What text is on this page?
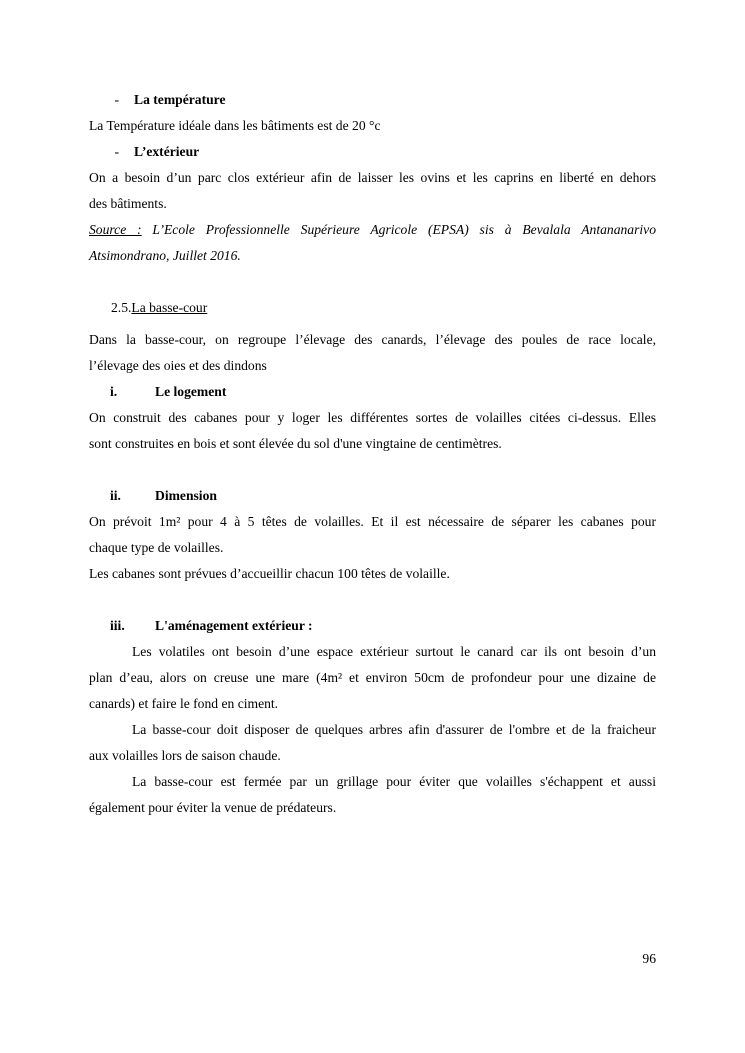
- La température

La Température idéale dans les bâtiments est de 20 °c

- L’extérieur

On a besoin d’un parc clos extérieur afin de laisser les ovins et les caprins en liberté en dehors

des bâtiments.

Source : L’Ecole Professionnelle Supérieure Agricole (EPSA) sis à Bevalala Antananarivo

Atsimondrano, Juillet 2016.

2.5.La basse-cour

Dans la basse-cour, on regroupe l’élevage des canards, l’élevage des poules de race locale,

l’élevage des oies et des dindons

i.	Le logement

On construit des cabanes pour y loger les différentes sortes de volailles citées ci-dessus. Elles

sont construites en bois et sont élevée du sol d'une vingtaine de centimètres.

ii.	Dimension

On prévoit 1m² pour 4 à 5 têtes de volailles. Et il est nécessaire de séparer les cabanes pour

chaque type de volailles.

Les cabanes sont prévues d’accueillir chacun 100 têtes de volaille.

iii. L'aménagement extérieur :

Les volatiles ont besoin d’une espace extérieur surtout le canard car ils ont besoin d’un

plan d’eau, alors on creuse une mare (4m² et environ 50cm de profondeur pour une dizaine de

canards) et faire le fond en ciment.

La basse-cour doit disposer de quelques arbres afin d'assurer de l'ombre et de la fraicheur

aux volailles lors de saison chaude.

La basse-cour est fermée par un grillage pour éviter que volailles s'échappent et aussi

également pour éviter la venue de prédateurs.

96
